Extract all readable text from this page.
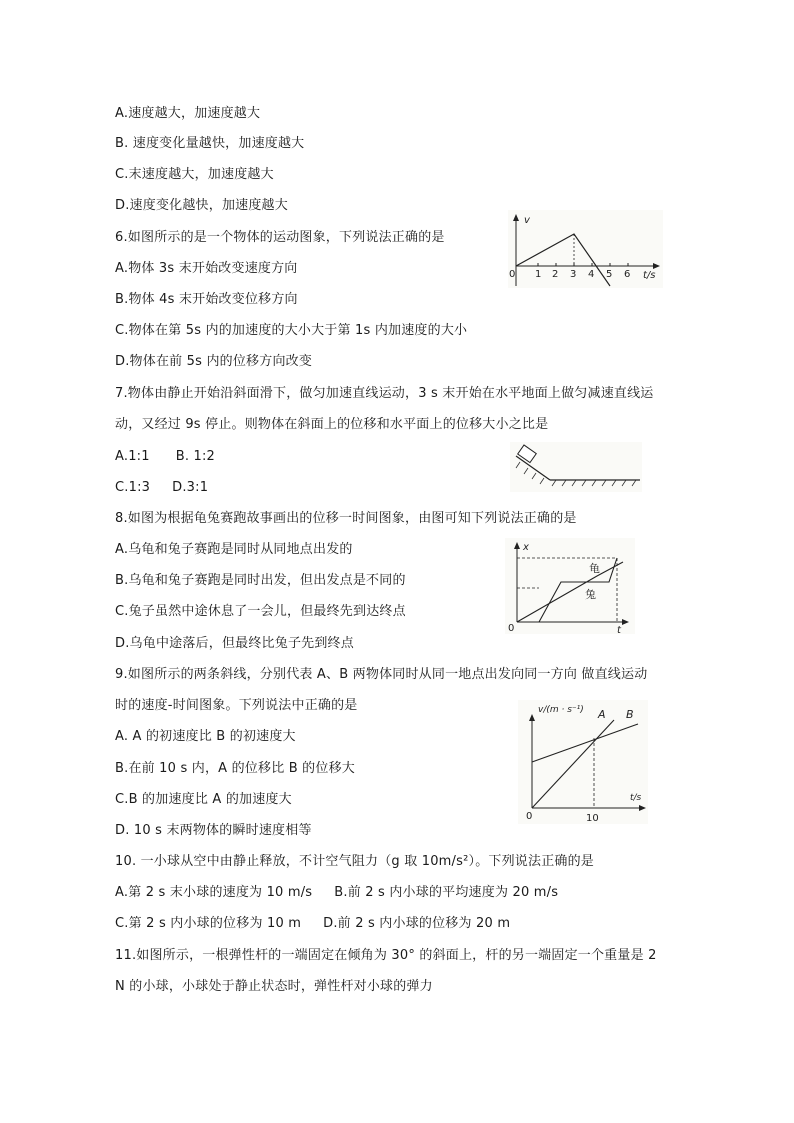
A.速度越大，加速度越大
B. 速度变化量越快，加速度越大
C.末速度越大，加速度越大
D.速度变化越快，加速度越大
6.如图所示的是一个物体的运动图象，下列说法正确的是
A.物体 3s 末开始改变速度方向
B.物体 4s 末开始改变位移方向
C.物体在第 5s 内的加速度的大小大于第 1s 内加速度的大小
D.物体在前 5s 内的位移方向改变
v
0 1 2 3 4 5 6 t/s
7.物体由静止开始沿斜面滑下，做匀加速直线运动，3 s 末开始在水平地面上做匀减速直线运
动，又经过 9s 停止。则物体在斜面上的位移和水平面上的位移大小之比是
A.1:1 B. 1:2
C.1:3 D.3:1
8.如图为根据龟兔赛跑故事画出的位移一时间图象，由图可知下列说法正确的是
A.乌龟和兔子赛跑是同时从同地点出发的
B.乌龟和兔子赛跑是同时出发，但出发点是不同的
C.兔子虽然中途休息了一会儿，但最终先到达终点
D.乌龟中途落后，但最终比兔子先到终点
x
t
0
龟
兔
9.如图所示的两条斜线，分别代表 A、B 两物体同时从同一地点出发向同一方向 做直线运动
时的速度-时间图象。下列说法中正确的是
A. A 的初速度比 B 的初速度大
B.在前 10 s 内，A 的位移比 B 的位移大
C.B 的加速度比 A 的加速度大
D. 10 s 末两物体的瞬时速度相等
v/(m · s⁻¹)
t/s
0	10
A B
10. 一小球从空中由静止释放，不计空气阻力（g 取 10m/s²）。下列说法正确的是
A.第 2 s 末小球的速度为 10 m/s B.前 2 s 内小球的平均速度为 20 m/s
C.第 2 s 内小球的位移为 10 m D.前 2 s 内小球的位移为 20 m
11.如图所示，一根弹性杆的一端固定在倾角为 30° 的斜面上，杆的另一端固定一个重量是 2
N 的小球，小球处于静止状态时，弹性杆对小球的弹力
